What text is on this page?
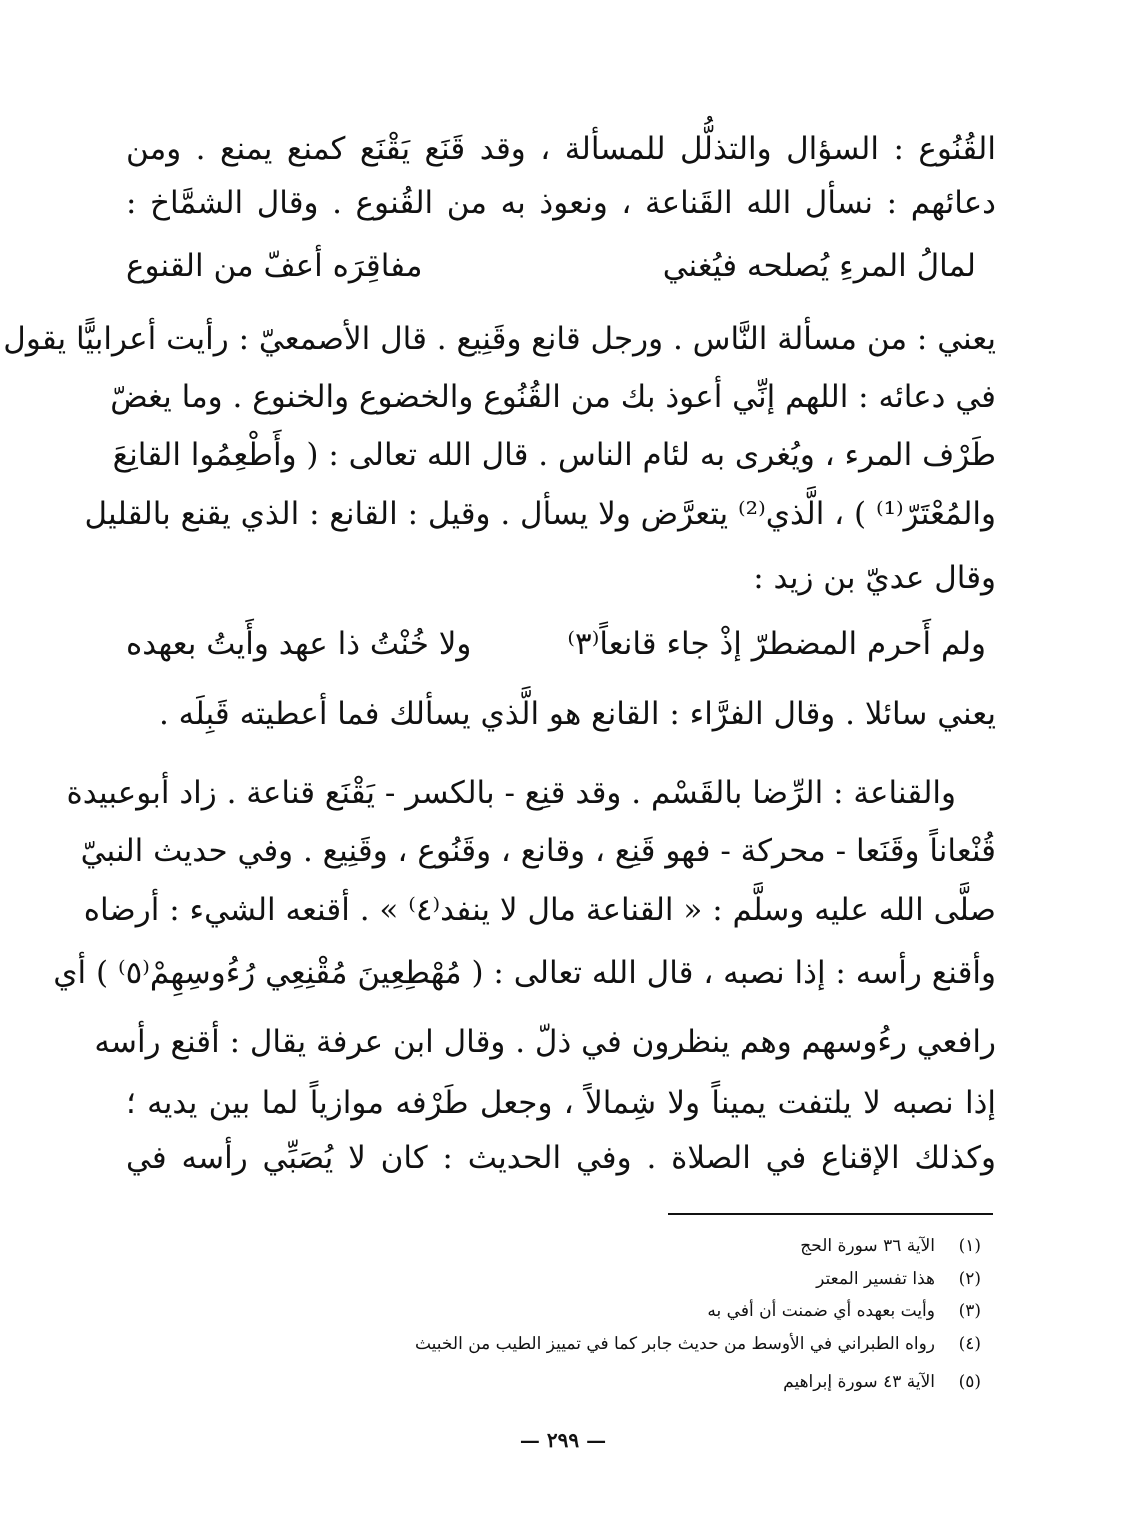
القُنُوع : السؤال والتذلُّل للمسألة ، وقد قَنَع يَقْنَع كمنع يمنع . ومن
دعائهم : نسأل الله القَناعة ، ونعوذ به من القُنوع . وقال الشمَّاخ :
لمالُ المرءِ يُصلحه فيُغني
مفاقِرَه أعفّ من القنوع
يعني : من مسألة النَّاس . ورجل قانع وقَنِيع . قال الأصمعيّ : رأيت أعرابيًّا يقول
في دعائه : اللهم إنِّي أعوذ بك من القُنُوع والخضوع والخنوع . وما يغضّ
طَرْف المرء ، ويُغرى به لئام الناس . قال الله تعالى : ( وأَطْعِمُوا القانِعَ
والمُعْتَرّ⁽¹⁾ ) ، الَّذي⁽²⁾ يتعرَّض ولا يسأل . وقيل : القانع : الذي يقنع بالقليل
وقال عديّ بن زيد :
ولم أَحرم المضطرّ إذْ جاء قانعاً⁽٣⁾
ولا خُنْتُ ذا عهد وأَيتُ بعهده
يعني سائلا . وقال الفرَّاء : القانع هو الَّذي يسألك فما أعطيته قَبِلَه .
والقناعة : الرِّضا بالقَسْم . وقد قنِع - بالكسر - يَقْنَع قناعة . زاد أبوعبيدة
قُنْعاناً وقَنَعا - محركة - فهو قَنِع ، وقانع ، وقَنُوع ، وقَنِيع . وفي حديث النبيّ
صلَّى الله عليه وسلَّم : « القناعة مال لا ينفد⁽٤⁾ » . أقنعه الشيء : أرضاه
وأقنع رأسه : إذا نصبه ، قال الله تعالى : ( مُهْطِعِينَ مُقْنِعِي رُءُوسِهِمْ⁽٥⁾ ) أي
رافعي رءُوسهم وهم ينظرون في ذلّ . وقال ابن عرفة يقال : أقنع رأسه
إذا نصبه لا يلتفت يميناً ولا شِمالاً ، وجعل طَرْفه موازياً لما بين يديه ؛
وكذلك الإقناع في الصلاة . وفي الحديث : كان لا يُصَبِّي رأسه في
(١)الآية ٣٦ سورة الحج
(٢)هذا تفسير المعتر
(٣)وأيت بعهده أي ضمنت أن أفي به
(٤)رواه الطبراني في الأوسط من حديث جابر كما في تمييز الطيب من الخبيث
(٥)الآية ٤٣ سورة إبراهيم
— ٢٩٩ —
